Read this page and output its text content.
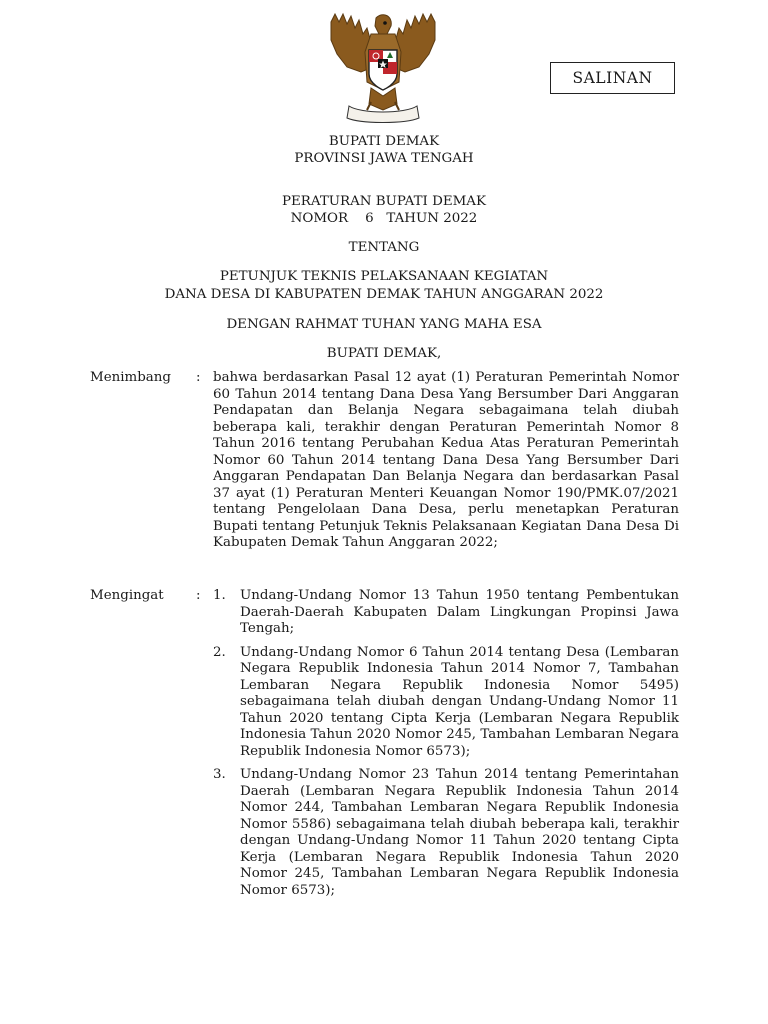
SALINAN
BUPATI DEMAK
PROVINSI JAWA TENGAH
PERATURAN BUPATI DEMAK
NOMOR    6   TAHUN 2022
TENTANG
PETUNJUK TEKNIS PELAKSANAAN KEGIATAN
DANA DESA DI KABUPATEN DEMAK TAHUN ANGGARAN 2022
DENGAN RAHMAT TUHAN YANG MAHA ESA
BUPATI DEMAK,
Menimbang : bahwa berdasarkan Pasal 12 ayat (1) Peraturan Pemerintah Nomor 60 Tahun 2014 tentang Dana Desa Yang Bersumber Dari Anggaran Pendapatan dan Belanja Negara sebagaimana telah diubah beberapa kali, terakhir dengan Peraturan Pemerintah Nomor 8 Tahun 2016 tentang Perubahan Kedua Atas Peraturan Pemerintah Nomor 60 Tahun 2014 tentang Dana Desa Yang Bersumber Dari Anggaran Pendapatan Dan Belanja Negara dan berdasarkan Pasal 37 ayat (1) Peraturan Menteri Keuangan Nomor 190/PMK.07/2021 tentang Pengelolaan Dana Desa, perlu menetapkan Peraturan Bupati tentang Petunjuk Teknis Pelaksanaan Kegiatan Dana Desa Di Kabupaten Demak Tahun Anggaran 2022;
Mengingat : 1. Undang-Undang Nomor 13 Tahun 1950 tentang Pembentukan Daerah-Daerah Kabupaten Dalam Lingkungan Propinsi Jawa Tengah;
2. Undang-Undang Nomor 6 Tahun 2014 tentang Desa (Lembaran Negara Republik Indonesia Tahun 2014 Nomor 7, Tambahan Lembaran Negara Republik Indonesia Nomor 5495) sebagaimana telah diubah dengan Undang-Undang Nomor 11 Tahun 2020 tentang Cipta Kerja (Lembaran Negara Republik Indonesia Tahun 2020 Nomor 245, Tambahan Lembaran Negara Republik Indonesia Nomor 6573);
3. Undang-Undang Nomor 23 Tahun 2014 tentang Pemerintahan Daerah (Lembaran Negara Republik Indonesia Tahun 2014 Nomor 244, Tambahan Lembaran Negara Republik Indonesia Nomor 5586) sebagaimana telah diubah beberapa kali, terakhir dengan Undang-Undang Nomor 11 Tahun 2020 tentang Cipta Kerja (Lembaran Negara Republik Indonesia Tahun 2020 Nomor 245, Tambahan Lembaran Negara Republik Indonesia Nomor 6573);
